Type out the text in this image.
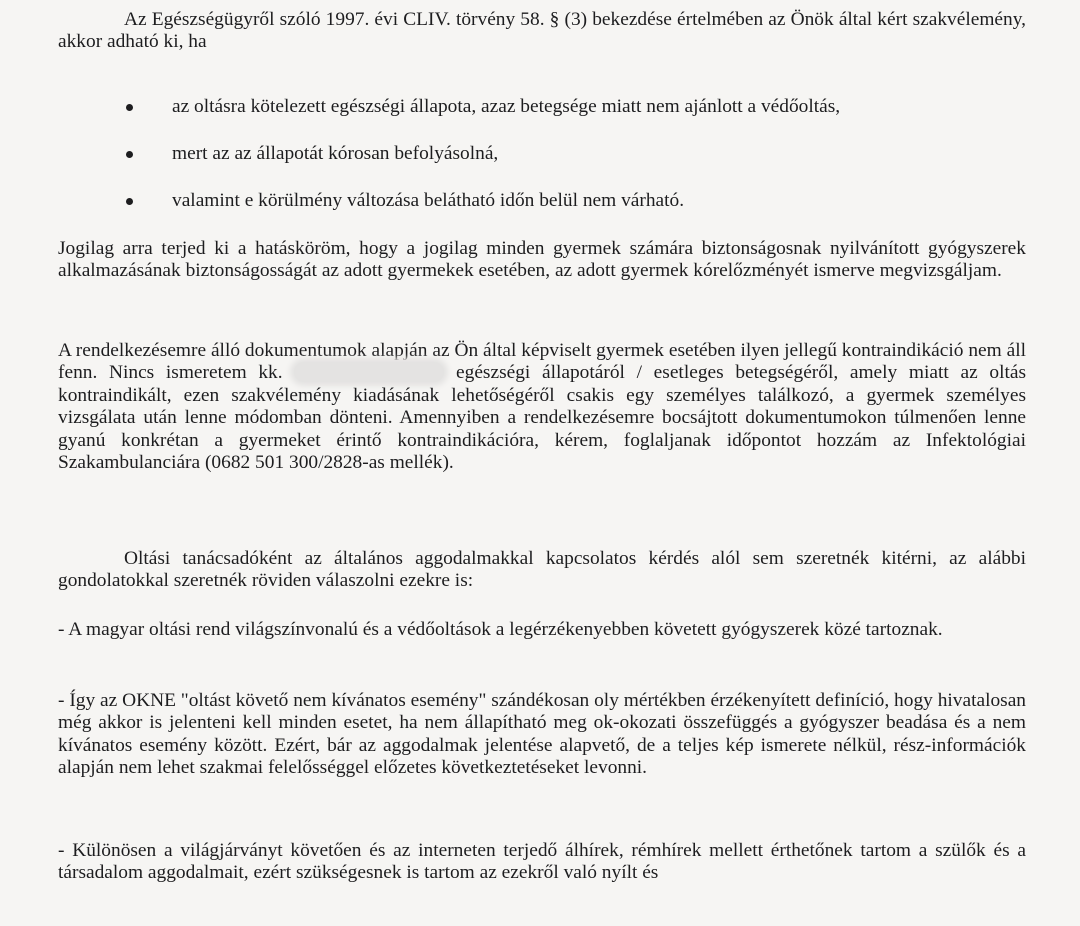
Az Egészségügyről szóló 1997. évi CLIV. törvény 58. § (3) bekezdése értelmében az Önök által kért szakvélemény, akkor adható ki, ha

az oltásra kötelezett egészségi állapota, azaz betegsége miatt nem ajánlott a védőoltás,
mert az az állapotát kórosan befolyásolná,
valamint e körülmény változása belátható időn belül nem várható.

Jogilag arra terjed ki a hatásköröm, hogy a jogilag minden gyermek számára biztonságosnak nyilvánított gyógyszerek alkalmazásának biztonságosságát az adott gyermekek esetében, az adott gyermek kórelőzményét ismerve megvizsgáljam.

A rendelkezésemre álló dokumentumok alapján az Ön által képviselt gyermek esetében ilyen jellegű kontraindikáció nem áll fenn. Nincs ismeretem kk.	egészségi állapotáról / esetleges betegségéről, amely miatt az oltás kontraindikált, ezen szakvélemény kiadásának lehetőségéről csakis egy személyes találkozó, a gyermek személyes vizsgálata után lenne módomban dönteni. Amennyiben a rendelkezésemre bocsájtott dokumentumokon túlmenően lenne gyanú konkrétan a gyermeket érintő kontraindikációra, kérem, foglaljanak időpontot hozzám az Infektológiai Szakambulanciára (0682 501 300/2828-as mellék).

Oltási tanácsadóként az általános aggodalmakkal kapcsolatos kérdés alól sem szeretnék kitérni, az alábbi gondolatokkal szeretnék röviden válaszolni ezekre is:

- A magyar oltási rend világszínvonalú és a védőoltások a legérzékenyebben követett gyógyszerek közé tartoznak.

- Így az OKNE "oltást követő nem kívánatos esemény" szándékosan oly mértékben érzékenyített definíció, hogy hivatalosan még akkor is jelenteni kell minden esetet, ha nem állapítható meg ok-okozati összefüggés a gyógyszer beadása és a nem kívánatos esemény között. Ezért, bár az aggodalmak jelentése alapvető, de a teljes kép ismerete nélkül, rész-információk alapján nem lehet szakmai felelősséggel előzetes következtetéseket levonni.

- Különösen a világjárványt követően és az interneten terjedő álhírek, rémhírek mellett érthetőnek tartom a szülők és a társadalom aggodalmait, ezért szükségesnek is tartom az ezekről való nyílt és
